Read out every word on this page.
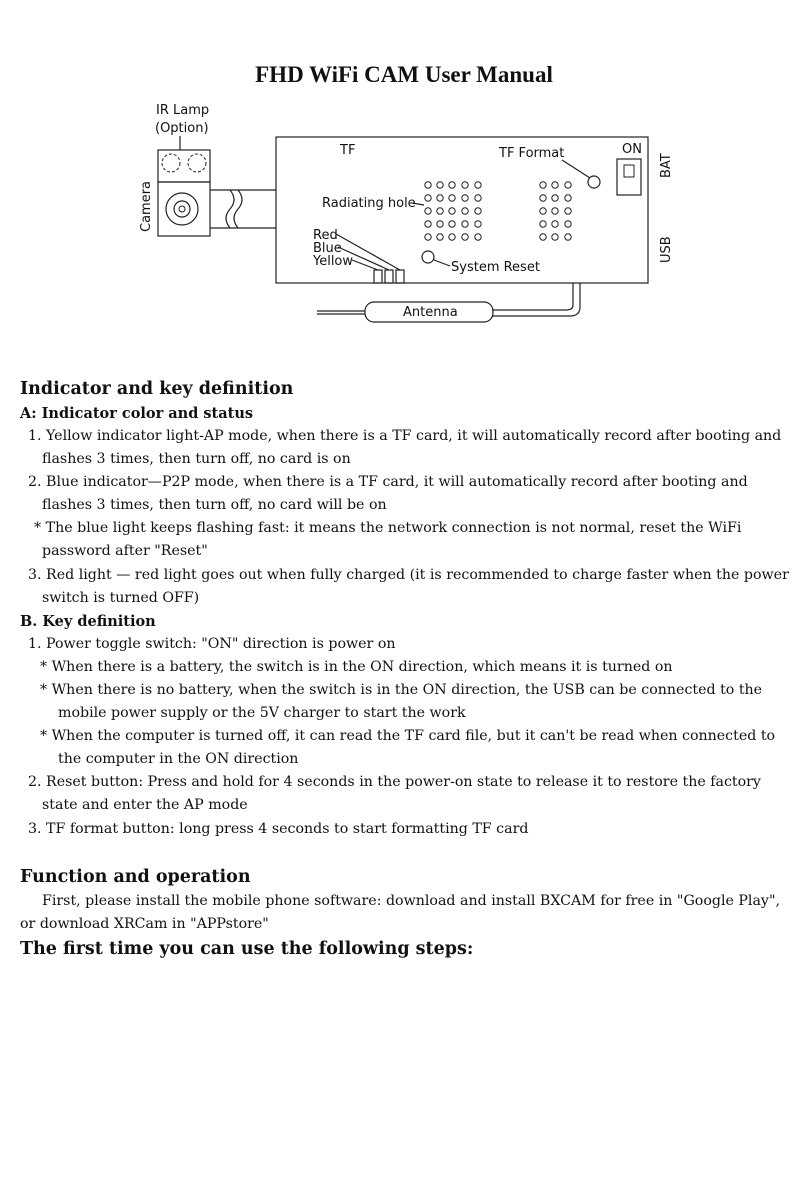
FHD WiFi CAM User Manual
IR Lamp
(Option)
Camera
TF	TF Format	ON
BAT
USB
Radiating hole
Red
Blue
Yellow	System Reset
Antenna
Indicator and key definition
A: Indicator color and status

1. Yellow indicator light-AP mode, when there is a TF card, it will automatically record after booting and flashes 3 times, then turn off, no card is on

2. Blue indicator—P2P mode, when there is a TF card, it will automatically record after booting and flashes 3 times, then turn off, no card will be on

* The blue light keeps flashing fast: it means the network connection is not normal, reset the WiFi password after "Reset"

3. Red light — red light goes out when fully charged (it is recommended to charge faster when the power switch is turned OFF)

B. Key definition

1. Power toggle switch: "ON" direction is power on

* When there is a battery, the switch is in the ON direction, which means it is turned on

* When there is no battery, when the switch is in the ON direction, the USB can be connected to the mobile power supply or the 5V charger to start the work

* When the computer is turned off, it can read the TF card file, but it can't be read when connected to the computer in the ON direction

2. Reset button: Press and hold for 4 seconds in the power-on state to release it to restore the factory state and enter the AP mode

3. TF format button: long press 4 seconds to start formatting TF card

Function and operation

First, please install the mobile phone software: download and install BXCAM for free in "Google Play", or download XRCam in "APPstore"

The first time you can use the following steps:
